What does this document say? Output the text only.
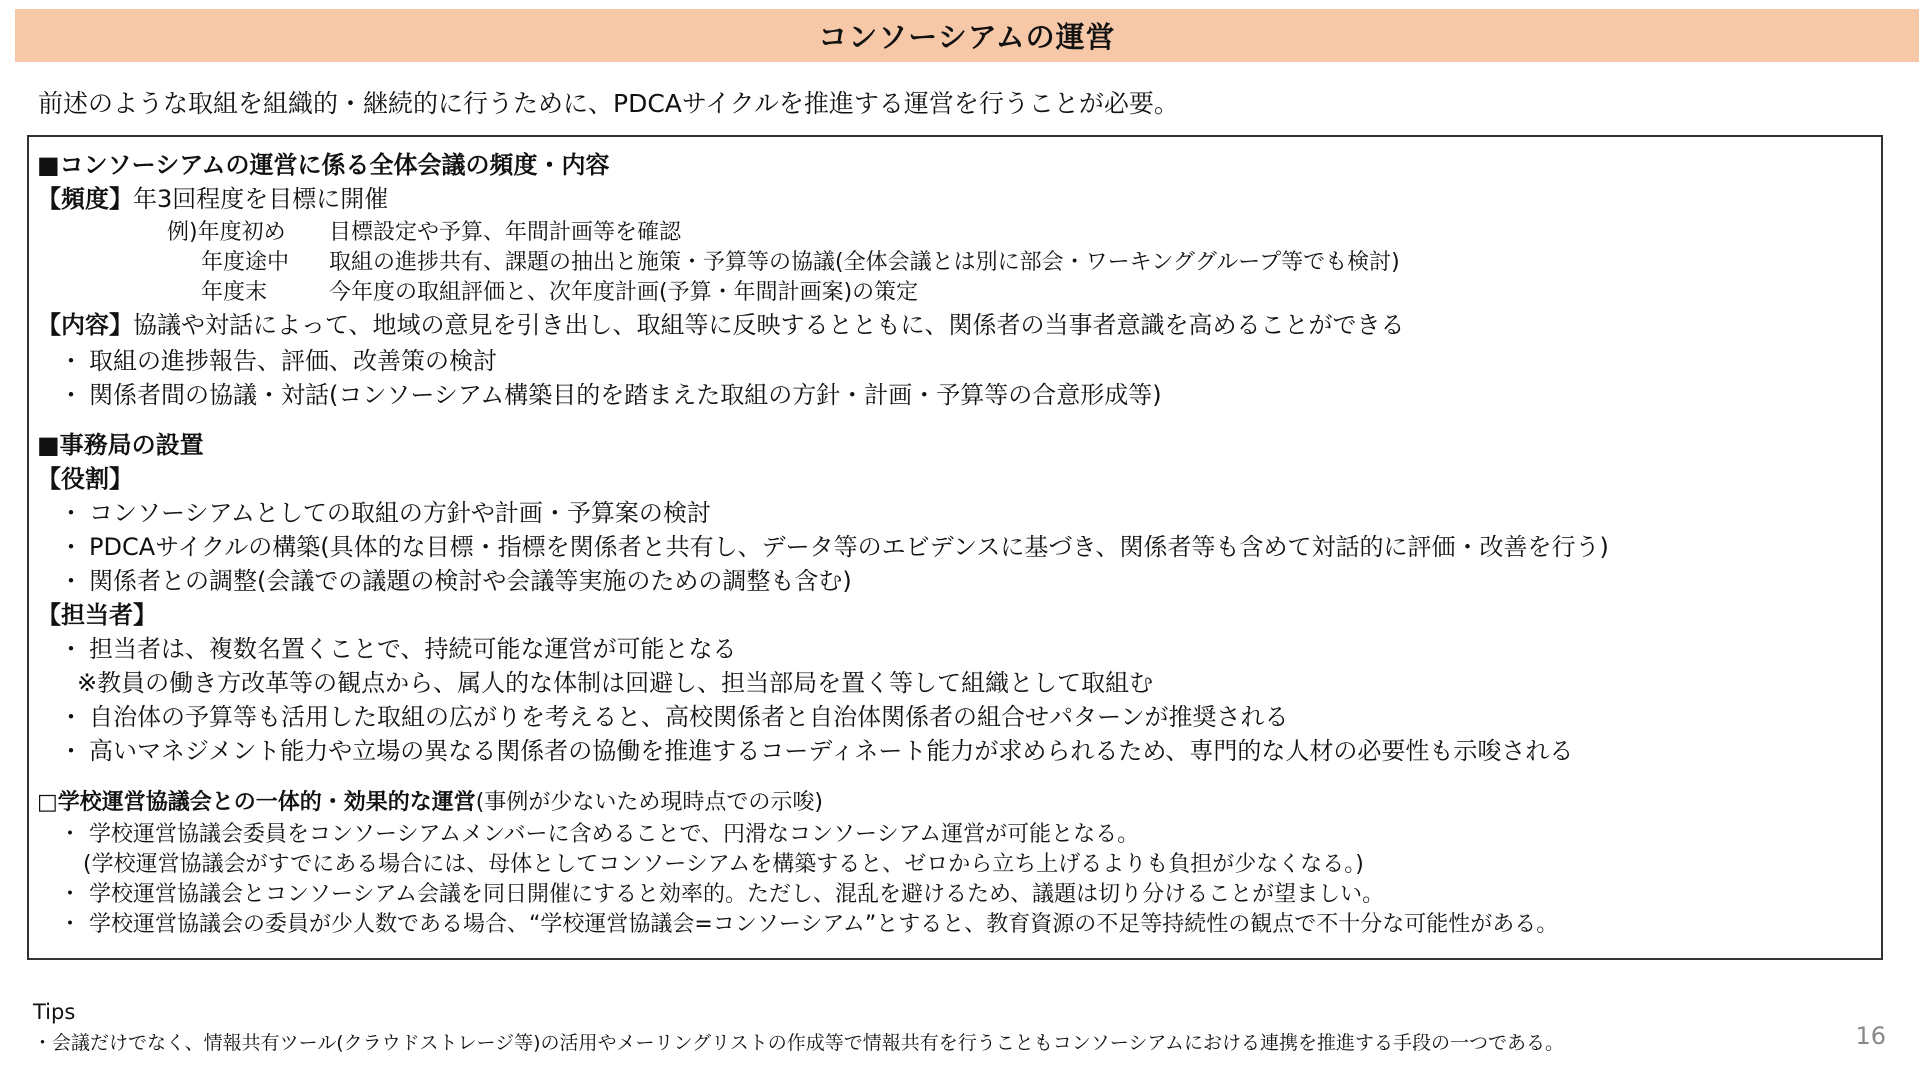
コンソーシアムの運営
前述のような取組を組織的・継続的に行うために、PDCAサイクルを推進する運営を行うことが必要。
■コンソーシアムの運営に係る全体会議の頻度・内容
【頻度】年3回程度を目標に開催
例)年度初め 目標設定や予算、年間計画等を確認
年度途中 取組の進捗共有、課題の抽出と施策・予算等の協議(全体会議とは別に部会・ワーキンググループ等でも検討)
年度末	今年度の取組評価と、次年度計画(予算・年間計画案)の策定
【内容】協議や対話によって、地域の意見を引き出し、取組等に反映するとともに、関係者の当事者意識を高めることができる
・ 取組の進捗報告、評価、改善策の検討
・ 関係者間の協議・対話(コンソーシアム構築目的を踏まえた取組の方針・計画・予算等の合意形成等)
■事務局の設置
【役割】
・ コンソーシアムとしての取組の方針や計画・予算案の検討
・ PDCAサイクルの構築(具体的な目標・指標を関係者と共有し、データ等のエビデンスに基づき、関係者等も含めて対話的に評価・改善を行う)
・ 関係者との調整(会議での議題の検討や会議等実施のための調整も含む)
【担当者】
・ 担当者は、複数名置くことで、持続可能な運営が可能となる
※教員の働き方改革等の観点から、属人的な体制は回避し、担当部局を置く等して組織として取組む
・ 自治体の予算等も活用した取組の広がりを考えると、高校関係者と自治体関係者の組合せパターンが推奨される
・ 高いマネジメント能力や立場の異なる関係者の協働を推進するコーディネート能力が求められるため、専門的な人材の必要性も示唆される
□学校運営協議会との一体的・効果的な運営(事例が少ないため現時点での示唆)
・ 学校運営協議会委員をコンソーシアムメンバーに含めることで、円滑なコンソーシアム運営が可能となる。
(学校運営協議会がすでにある場合には、母体としてコンソーシアムを構築すると、ゼロから立ち上げるよりも負担が少なくなる。)
・ 学校運営協議会とコンソーシアム会議を同日開催にすると効率的。ただし、混乱を避けるため、議題は切り分けることが望ましい。
・ 学校運営協議会の委員が少人数である場合、“学校運営協議会=コンソーシアム”とすると、教育資源の不足等持続性の観点で不十分な可能性がある。
Tips
・会議だけでなく、情報共有ツール(クラウドストレージ等)の活用やメーリングリストの作成等で情報共有を行うこともコンソーシアムにおける連携を推進する手段の一つである。	16
